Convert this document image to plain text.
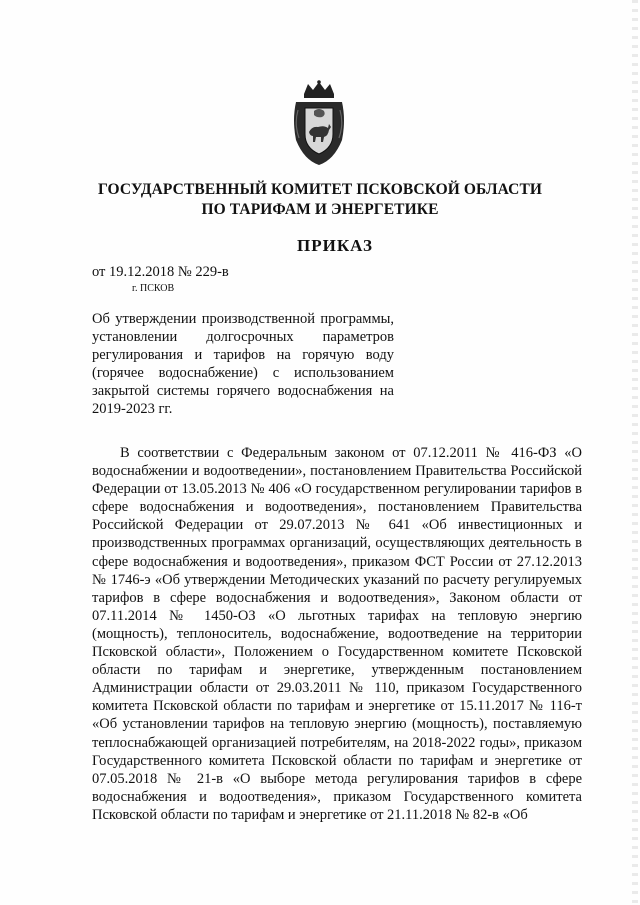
ГОСУДАРСТВЕННЫЙ КОМИТЕТ ПСКОВСКОЙ ОБЛАСТИ
ПО ТАРИФАМ И ЭНЕРГЕТИКЕ
ПРИКАЗ
от 19.12.2018 № 229-в
г. ПСКОВ
Об утверждении производственной программы, установлении долгосрочных параметров регулирования и тарифов на горячую воду (горячее водоснабжение) с использованием закрытой системы горячего водоснабжения на 2019-2023 гг.
В соответствии с Федеральным законом от 07.12.2011 № 416-ФЗ «О водоснабжении и водоотведении», постановлением Правительства Российской Федерации от 13.05.2013 № 406 «О государственном регулировании тарифов в сфере водоснабжения и водоотведения», постановлением Правительства Российской Федерации от 29.07.2013 № 641 «Об инвестиционных и производственных программах организаций, осуществляющих деятельность в сфере водоснабжения и водоотведения», приказом ФСТ России от 27.12.2013 № 1746-э «Об утверждении Методических указаний по расчету регулируемых тарифов в сфере водоснабжения и водоотведения», Законом области от 07.11.2014 № 1450-ОЗ «О льготных тарифах на тепловую энергию (мощность), теплоноситель, водоснабжение, водоотведение на территории Псковской области», Положением о Государственном комитете Псковской области по тарифам и энергетике, утвержденным постановлением Администрации области от 29.03.2011 № 110, приказом Государственного комитета Псковской области по тарифам и энергетике от 15.11.2017 № 116-т «Об установлении тарифов на тепловую энергию (мощность), поставляемую теплоснабжающей организацией потребителям, на 2018-2022 годы», приказом Государственного комитета Псковской области по тарифам и энергетике от 07.05.2018 № 21-в «О выборе метода регулирования тарифов в сфере водоснабжения и водоотведения», приказом Государственного комитета Псковской области по тарифам и энергетике от 21.11.2018 № 82-в «Об
